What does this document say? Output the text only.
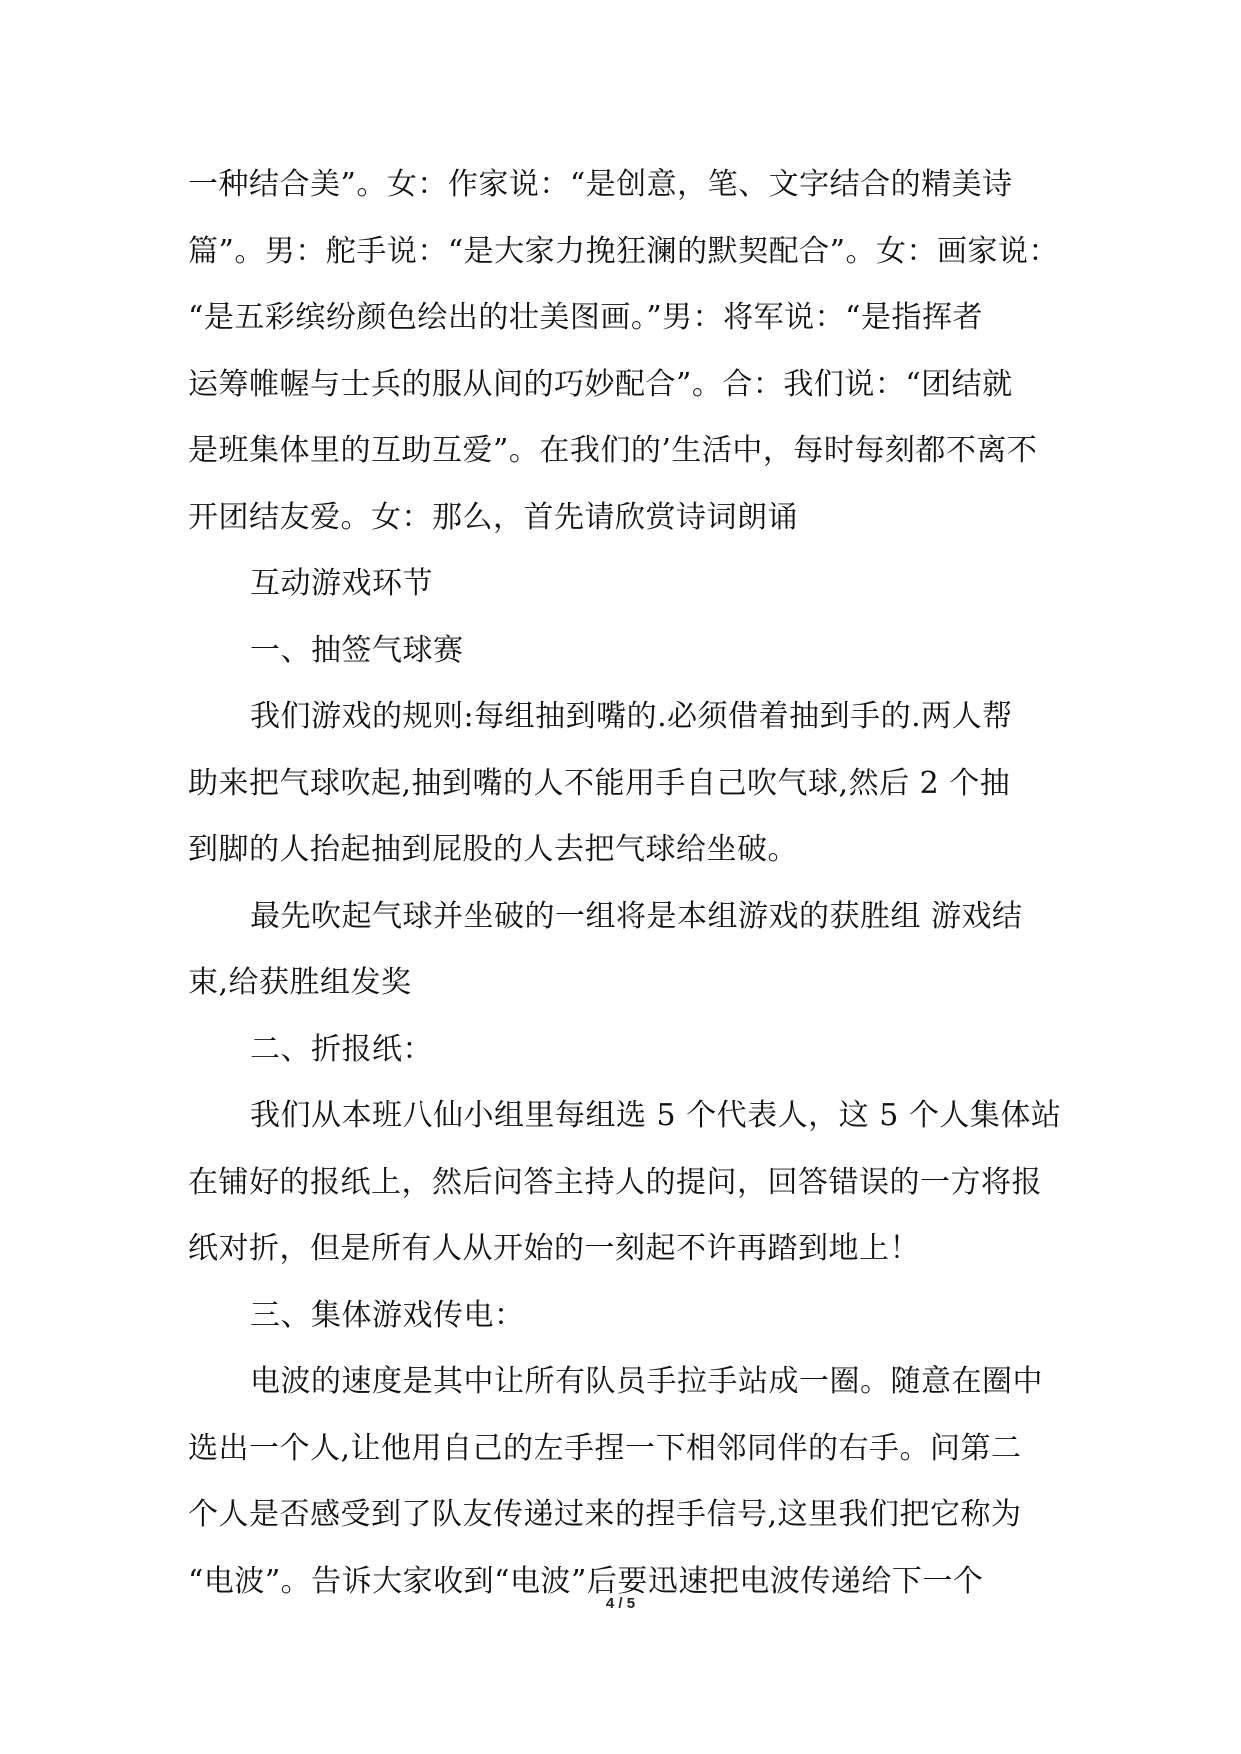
一种结合美”。女：作家说：“是创意，笔、文字结合的精美诗
篇”。男：舵手说：“是大家力挽狂澜的默契配合”。女：画家说：
“是五彩缤纷颜色绘出的壮美图画。”男：将军说：“是指挥者
运筹帷幄与士兵的服从间的巧妙配合”。合：我们说：“团结就
是班集体里的互助互爱”。在我们的’生活中，每时每刻都不离不
开团结友爱。女：那么，首先请欣赏诗词朗诵
互动游戏环节
一、抽签气球赛
我们游戏的规则:每组抽到嘴的.必须借着抽到手的.两人帮
助来把气球吹起,抽到嘴的人不能用手自己吹气球,然后 2 个抽
到脚的人抬起抽到屁股的人去把气球给坐破。
最先吹起气球并坐破的一组将是本组游戏的获胜组 游戏结
束,给获胜组发奖
二、折报纸：
我们从本班八仙小组里每组选 5 个代表人，这 5 个人集体站
在铺好的报纸上，然后问答主持人的提问，回答错误的一方将报
纸对折，但是所有人从开始的一刻起不许再踏到地上！
三、集体游戏传电：
电波的速度是其中让所有队员手拉手站成一圈。随意在圈中
选出一个人,让他用自己的左手捏一下相邻同伴的右手。问第二
个人是否感受到了队友传递过来的捏手信号,这里我们把它称为
“电波”。告诉大家收到“电波”后要迅速把电波传递给下一个
4 / 5
